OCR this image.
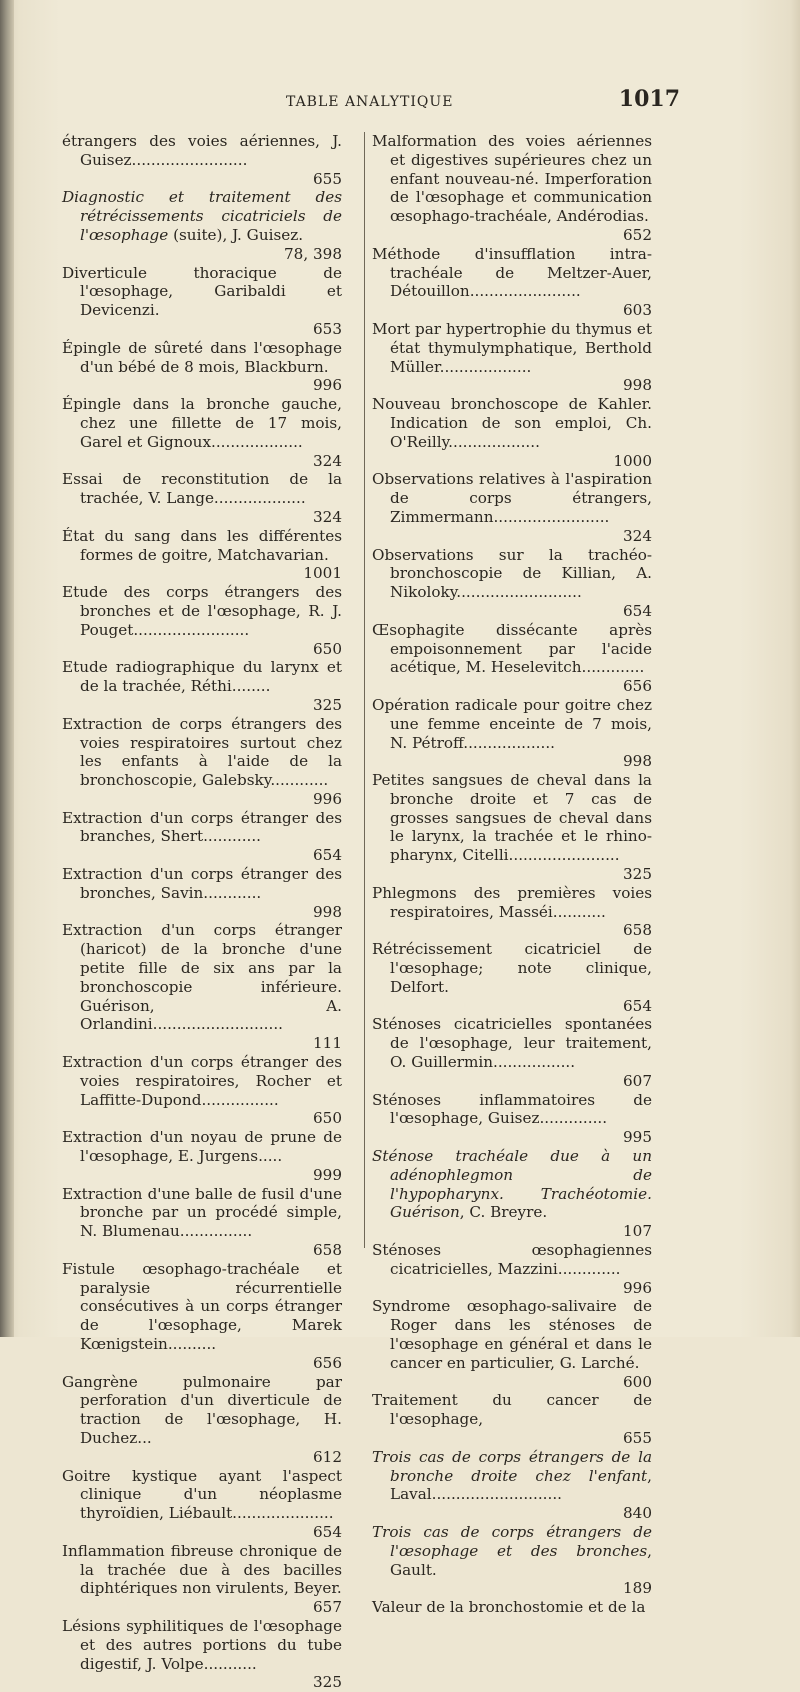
TABLE ANALYTIQUE	1017

étrangers des voies aériennes, J. Guisez........................
655

Diagnostic et traitement des rétrécissements cicatriciels de l'œsophage (suite), J. Guisez.
78, 398

Diverticule thoracique de l'œsophage, Garibaldi et Devicenzi.
653

Épingle de sûreté dans l'œsophage d'un bébé de 8 mois, Blackburn.
996

Épingle dans la bronche gauche, chez une fillette de 17 mois, Garel et Gignoux...................
324

Essai de reconstitution de la trachée, V. Lange...................
324

État du sang dans les différentes formes de goitre, Matchavarian.
1001

Etude des corps étrangers des bronches et de l'œsophage, R. J. Pouget........................
650

Etude radiographique du larynx et de la trachée, Réthi........
325

Extraction de corps étrangers des voies respiratoires surtout chez les enfants à l'aide de la bronchoscopie, Galebsky............
996

Extraction d'un corps étranger des branches, Shert............
654

Extraction d'un corps étranger des bronches, Savin............
998

Extraction d'un corps étranger (haricot) de la bronche d'une petite fille de six ans par la bronchoscopie inférieure. Guérison, A. Orlandini...........................
111

Extraction d'un corps étranger des voies respiratoires, Rocher et Laffitte-Dupond................
650

Extraction d'un noyau de prune de l'œsophage, E. Jurgens.....
999

Extraction d'une balle de fusil d'une bronche par un procédé simple, N. Blumenau...............
658

Fistule œsophago-trachéale et paralysie récurrentielle consécutives à un corps étranger de l'œsophage, Marek Kœnigstein..........
656

Gangrène pulmonaire par perforation d'un diverticule de traction de l'œsophage, H. Duchez...
612

Goitre kystique ayant l'aspect clinique d'un néoplasme thyroïdien, Liébault.....................
654

Inflammation fibreuse chronique de la trachée due à des bacilles diphtériques non virulents, Beyer.
657

Lésions syphilitiques de l'œsophage et des autres portions du tube digestif, J. Volpe...........
325

Malformation des voies aériennes et digestives supérieures chez un enfant nouveau-né. Imperforation de l'œsophage et communication œsophago-trachéale, Andérodias.
652

Méthode d'insufflation intra-trachéale de Meltzer-Auer, Détouillon.......................
603

Mort par hypertrophie du thymus et état thymulymphatique, Berthold Müller...................
998

Nouveau bronchoscope de Kahler. Indication de son emploi, Ch. O'Reilly...................
1000

Observations relatives à l'aspiration de corps étrangers, Zimmermann........................
324

Observations sur la trachéo-bronchoscopie de Killian, A. Nikoloky..........................
654

Œsophagite dissécante après empoisonnement par l'acide acétique, M. Heselevitch.............
656

Opération radicale pour goitre chez une femme enceinte de 7 mois, N. Pétroff...................
998

Petites sangsues de cheval dans la bronche droite et 7 cas de grosses sangsues de cheval dans le larynx, la trachée et le rhino-pharynx, Citelli.......................
325

Phlegmons des premières voies respiratoires, Masséi...........
658

Rétrécissement cicatriciel de l'œsophage; note clinique, Delfort.
654

Sténoses cicatricielles spontanées de l'œsophage, leur traitement, O. Guillermin.................
607

Sténoses inflammatoires de l'œsophage, Guisez..............
995

Sténose trachéale due à un adénophlegmon de l'hypopharynx. Trachéotomie. Guérison, C. Breyre.
107

Sténoses œsophagiennes cicatricielles, Mazzini.............
996

Syndrome œsophago-salivaire de Roger dans les sténoses de l'œsophage en général et dans le cancer en particulier, G. Larché.
600

Traitement du cancer de l'œsophage,
655

Trois cas de corps étrangers de la bronche droite chez l'enfant, Laval...........................
840

Trois cas de corps étrangers de l'œsophage et des bronches, Gault.
189

Valeur de la bronchostomie et de la
